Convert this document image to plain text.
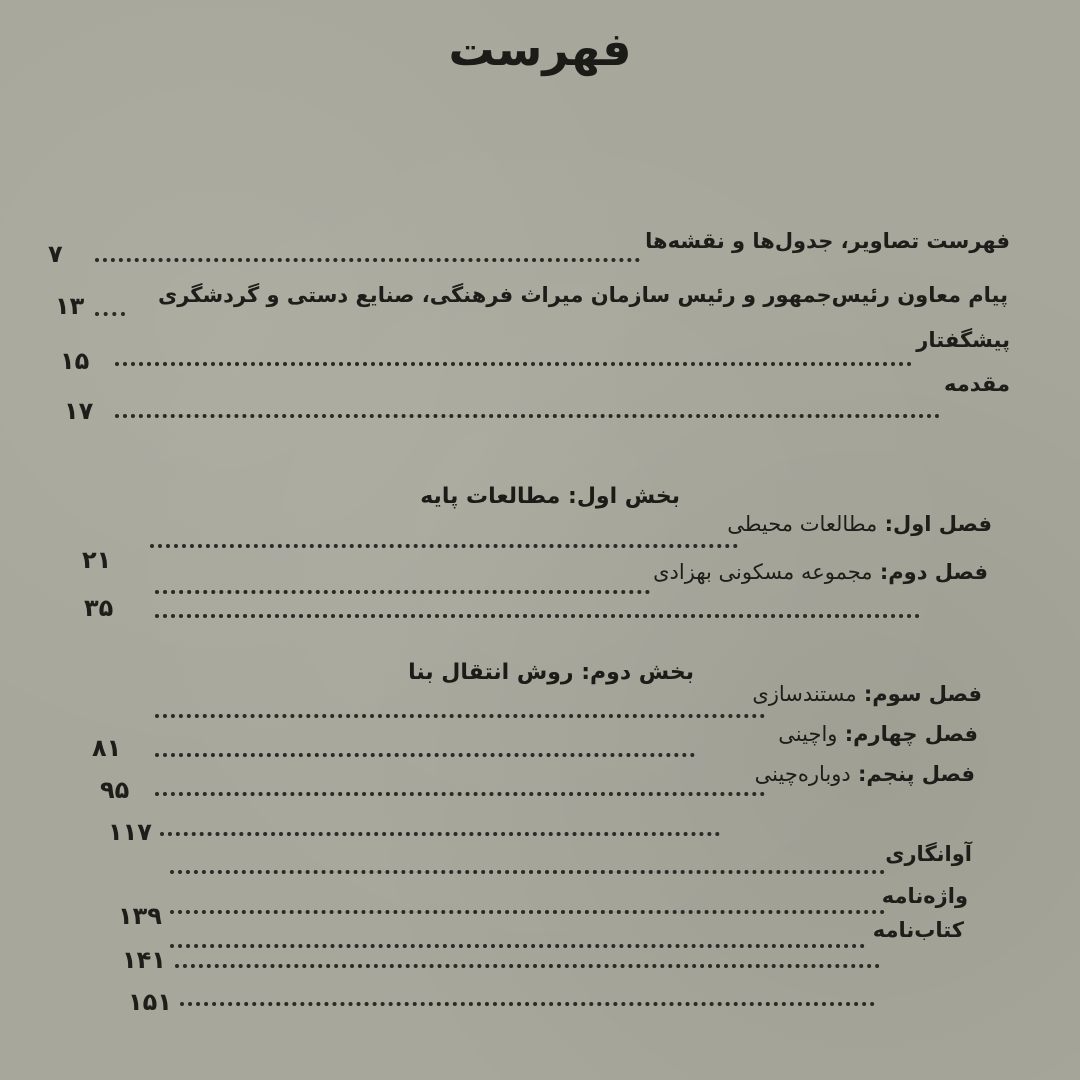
فهرست
فهرست تصاویر، جدول‌ها و نقشه‌ها
۷
پیام معاون رئیس‌جمهور و رئیس سازمان میراث فرهنگی، صنایع دستی و گردشگری
۱۳
پیشگفتار
۱۵
مقدمه
۱۷
بخش اول: مطالعات پایه
فصل اول: مطالعات محیطی
۲۱	فصل دوم: مجموعه مسکونی بهزادی
۳۵
بخش دوم: روش انتقال بنا
فصل سوم: مستندسازی
۸۱	فصل چهارم: واچینی
۹۵
فصل پنجم: دوباره‌چینی
۱۱۷
آوانگاری
۱۳۹
واژه‌نامه
۱۴۱
کتاب‌نامه
۱۵۱
